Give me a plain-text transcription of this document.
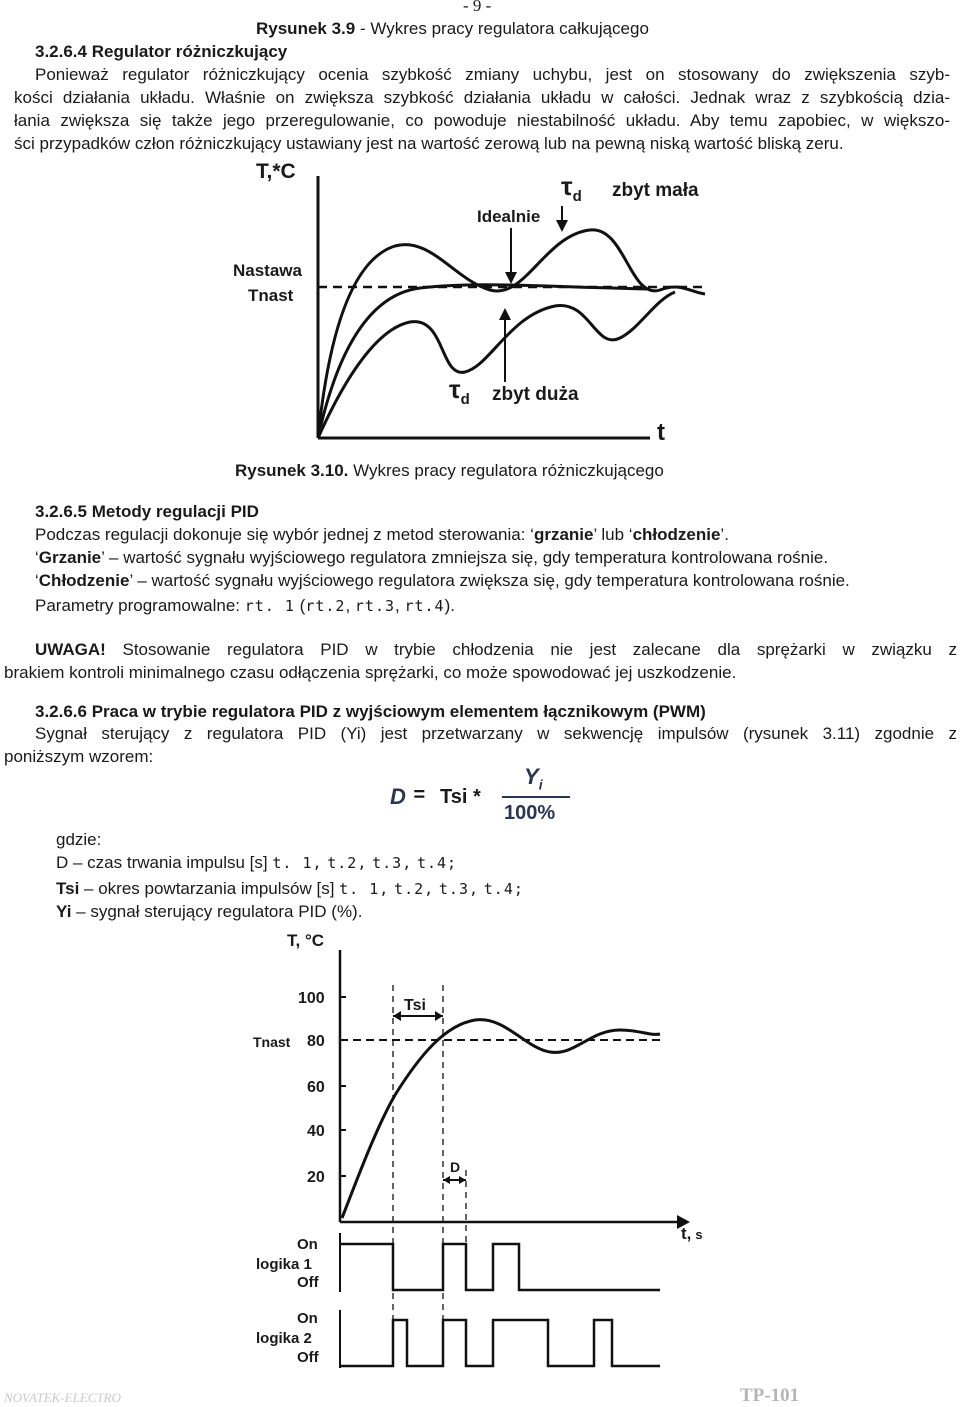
- 9 -
Rysunek 3.9 - Wykres pracy regulatora całkującego
3.2.6.4 Regulator różniczkujący
Ponieważ regulator różniczkujący ocenia szybkość zmiany uchybu, jest on stosowany do zwiększenia szyb-
kości działania układu. Właśnie on zwiększa szybkość działania układu w całości. Jednak wraz z szybkością dzia-
łania zwiększa się także jego przeregulowanie, co powoduje niestabilność układu. Aby temu zapobiec, w większo-
ści przypadków człon różniczkujący ustawiany jest na wartość zerową lub na pewną niską wartość bliską zeru.
T,*C
t
Nastawa
Tnast
Idealnie
$\tau_d$ zbyt mała
$\tau_d$ zbyt duża
Rysunek 3.10. Wykres pracy regulatora różniczkującego
3.2.6.5 Metody regulacji PID
Podczas regulacji dokonuje się wybór jednej z metod sterowania: ‘grzanie’ lub ‘chłodzenie’.
‘Grzanie’ – wartość sygnału wyjściowego regulatora zmniejsza się, gdy temperatura kontrolowana rośnie.
‘Chłodzenie’ – wartość sygnału wyjściowego regulatora zwiększa się, gdy temperatura kontrolowana rośnie.
Parametry programowalne: rt. 1 (rt.2, rt.3, rt.4).
UWAGA! Stosowanie regulatora PID w trybie chłodzenia nie jest zalecane dla sprężarki w związku z
brakiem kontroli minimalnego czasu odłączenia sprężarki, co może spowodować jej uszkodzenie.
3.2.6.6 Praca w trybie regulatora PID z wyjściowym elementem łącznikowym (PWM)
Sygnał sterujący z regulatora PID (Yi) jest przetwarzany w sekwencję impulsów (rysunek 3.11) zgodnie z
poniższym wzorem:
D = Tsi *
$Y_i$
100%
gdzie:
D – czas trwania impulsu [s] t. 1, t.2, t.3, t.4;
Tsi – okres powtarzania impulsów [s] t. 1, t.2, t.3, t.4;
Yi – sygnał sterujący regulatora PID (%).
T, °C
100
80
60
40
20
Tnast
Tsi
D
t, s
On
logika 1
Off
On
logika 2
Off
NOVATEK-ELECTRO	TP-101
